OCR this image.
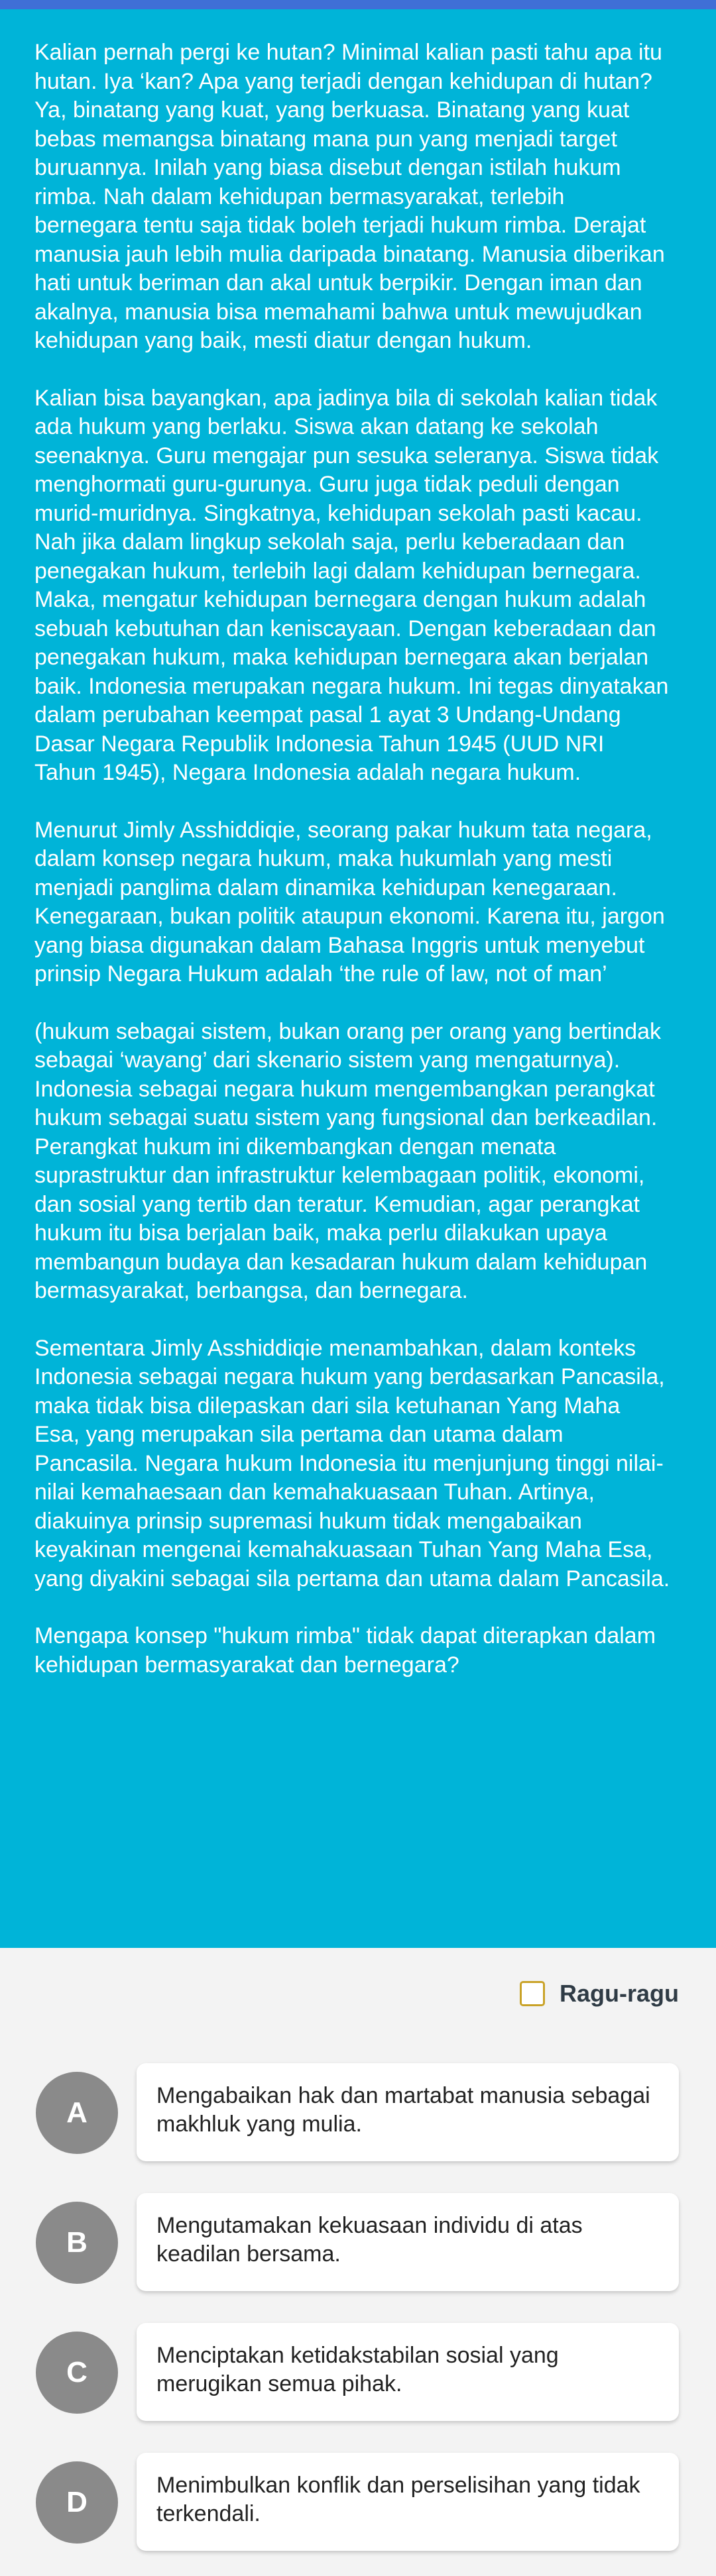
Kalian pernah pergi ke hutan? Minimal kalian pasti tahu apa itu hutan. Iya ‘kan? Apa yang terjadi dengan kehidupan di hutan? Ya, binatang yang kuat, yang berkuasa. Binatang yang kuat bebas memangsa binatang mana pun yang menjadi target buruannya. Inilah yang biasa disebut dengan istilah hukum rimba. Nah dalam kehidupan bermasyarakat, terlebih bernegara tentu saja tidak boleh terjadi hukum rimba. Derajat manusia jauh lebih mulia daripada binatang. Manusia diberikan hati untuk beriman dan akal untuk berpikir. Dengan iman dan akalnya, manusia bisa memahami bahwa untuk mewujudkan kehidupan yang baik, mesti diatur dengan hukum.

Kalian bisa bayangkan, apa jadinya bila di sekolah kalian tidak ada hukum yang berlaku. Siswa akan datang ke sekolah seenaknya. Guru mengajar pun sesuka seleranya. Siswa tidak menghormati guru-gurunya. Guru juga tidak peduli dengan murid-muridnya. Singkatnya, kehidupan sekolah pasti kacau. Nah jika dalam lingkup sekolah saja, perlu keberadaan dan penegakan hukum, terlebih lagi dalam kehidupan bernegara. Maka, mengatur kehidupan bernegara dengan hukum adalah sebuah kebutuhan dan keniscayaan. Dengan keberadaan dan penegakan hukum, maka kehidupan bernegara akan berjalan baik. Indonesia merupakan negara hukum. Ini tegas dinyatakan dalam perubahan keempat pasal 1 ayat 3 Undang-Undang Dasar Negara Republik Indonesia Tahun 1945 (UUD NRI Tahun 1945), Negara Indonesia adalah negara hukum.

Menurut Jimly Asshiddiqie, seorang pakar hukum tata negara, dalam konsep negara hukum, maka hukumlah yang mesti menjadi panglima dalam dinamika kehidupan kenegaraan. Kenegaraan, bukan politik ataupun ekonomi. Karena itu, jargon yang biasa digunakan dalam Bahasa Inggris untuk menyebut prinsip Negara Hukum adalah ‘the rule of law, not of man’

(hukum sebagai sistem, bukan orang per orang yang bertindak sebagai ‘wayang’ dari skenario sistem yang mengaturnya). Indonesia sebagai negara hukum mengembangkan perangkat hukum sebagai suatu sistem yang fungsional dan berkeadilan. Perangkat hukum ini dikembangkan dengan menata suprastruktur dan infrastruktur kelembagaan politik, ekonomi, dan sosial yang tertib dan teratur. Kemudian, agar perangkat hukum itu bisa berjalan baik, maka perlu dilakukan upaya membangun budaya dan kesadaran hukum dalam kehidupan bermasyarakat, berbangsa, dan bernegara.

Sementara Jimly Asshiddiqie menambahkan, dalam konteks Indonesia sebagai negara hukum yang berdasarkan Pancasila, maka tidak bisa dilepaskan dari sila ketuhanan Yang Maha Esa, yang merupakan sila pertama dan utama dalam Pancasila. Negara hukum Indonesia itu menjunjung tinggi nilai-nilai kemahaesaan dan kemahakuasaan Tuhan. Artinya, diakuinya prinsip supremasi hukum tidak mengabaikan keyakinan mengenai kemahakuasaan Tuhan Yang Maha Esa, yang diyakini sebagai sila pertama dan utama dalam Pancasila.

Mengapa konsep "hukum rimba" tidak dapat diterapkan dalam kehidupan bermasyarakat dan bernegara?

Ragu-ragu
A
Mengabaikan hak dan martabat manusia sebagai makhluk yang mulia.
B
Mengutamakan kekuasaan individu di atas keadilan bersama.
C
Menciptakan ketidakstabilan sosial yang merugikan semua pihak.
D
Menimbulkan konflik dan perselisihan yang tidak terkendali.
